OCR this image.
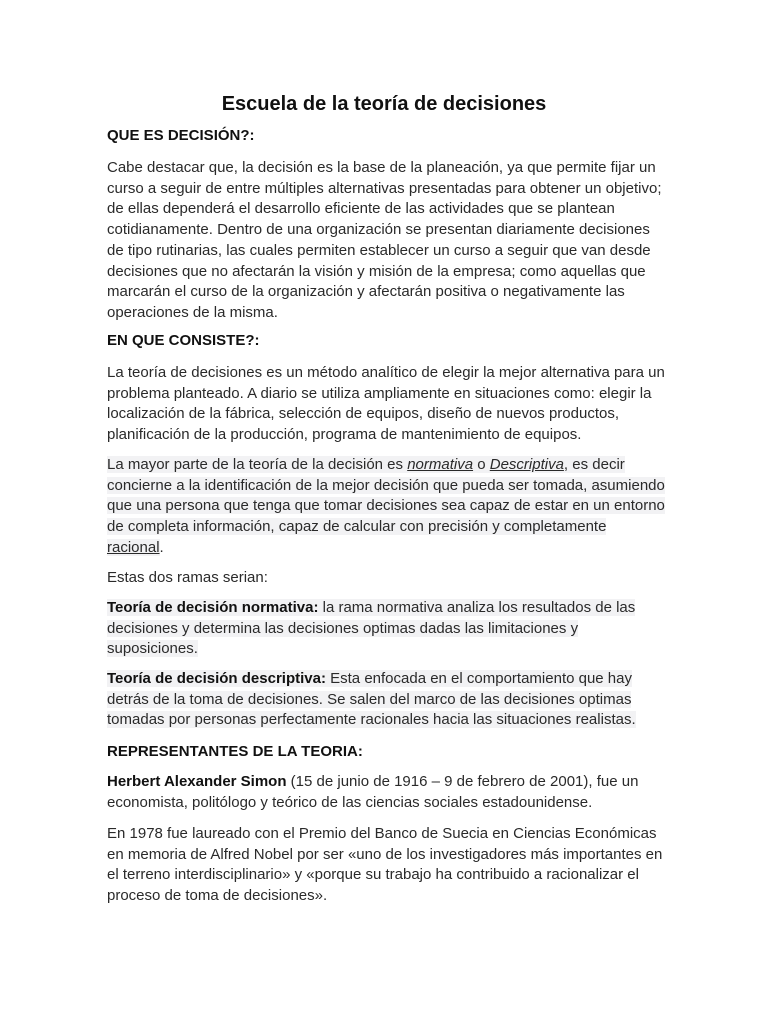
Escuela de la teoría de decisiones
QUE ES DECISIÓN?:

Cabe destacar que, la decisión es la base de la planeación, ya que permite fijar un curso a seguir de entre múltiples alternativas presentadas para obtener un objetivo; de ellas dependerá el desarrollo eficiente de las actividades que se plantean cotidianamente. Dentro de una organización se presentan diariamente decisiones de tipo rutinarias, las cuales permiten establecer un curso a seguir que van desde decisiones que no afectarán la visión y misión de la empresa; como aquellas que marcarán el curso de la organización y afectarán positiva o negativamente las operaciones de la misma.

EN QUE CONSISTE?:

La teoría de decisiones es un método analítico de elegir la mejor alternativa para un problema planteado. A diario se utiliza ampliamente en situaciones como: elegir la localización de la fábrica, selección de equipos, diseño de nuevos productos, planificación de la producción, programa de mantenimiento de equipos.

La mayor parte de la teoría de la decisión es normativa o Descriptiva, es decir concierne a la identificación de la mejor decisión que pueda ser tomada, asumiendo que una persona que tenga que tomar decisiones sea capaz de estar en un entorno de completa información, capaz de calcular con precisión y completamente racional.

Estas dos ramas serian:

Teoría de decisión normativa: la rama normativa analiza los resultados de las decisiones y determina las decisiones optimas dadas las limitaciones y suposiciones.

Teoría de decisión descriptiva: Esta enfocada en el comportamiento que hay detrás de la toma de decisiones. Se salen del marco de las decisiones optimas tomadas por personas perfectamente racionales hacia las situaciones realistas.

REPRESENTANTES DE LA TEORIA:

Herbert Alexander Simon (15 de junio de 1916 – 9 de febrero de 2001), fue un economista, politólogo y teórico de las ciencias sociales estadounidense.

En 1978 fue laureado con el Premio del Banco de Suecia en Ciencias Económicas en memoria de Alfred Nobel por ser «uno de los investigadores más importantes en el terreno interdisciplinario» y «porque su trabajo ha contribuido a racionalizar el proceso de toma de decisiones».
